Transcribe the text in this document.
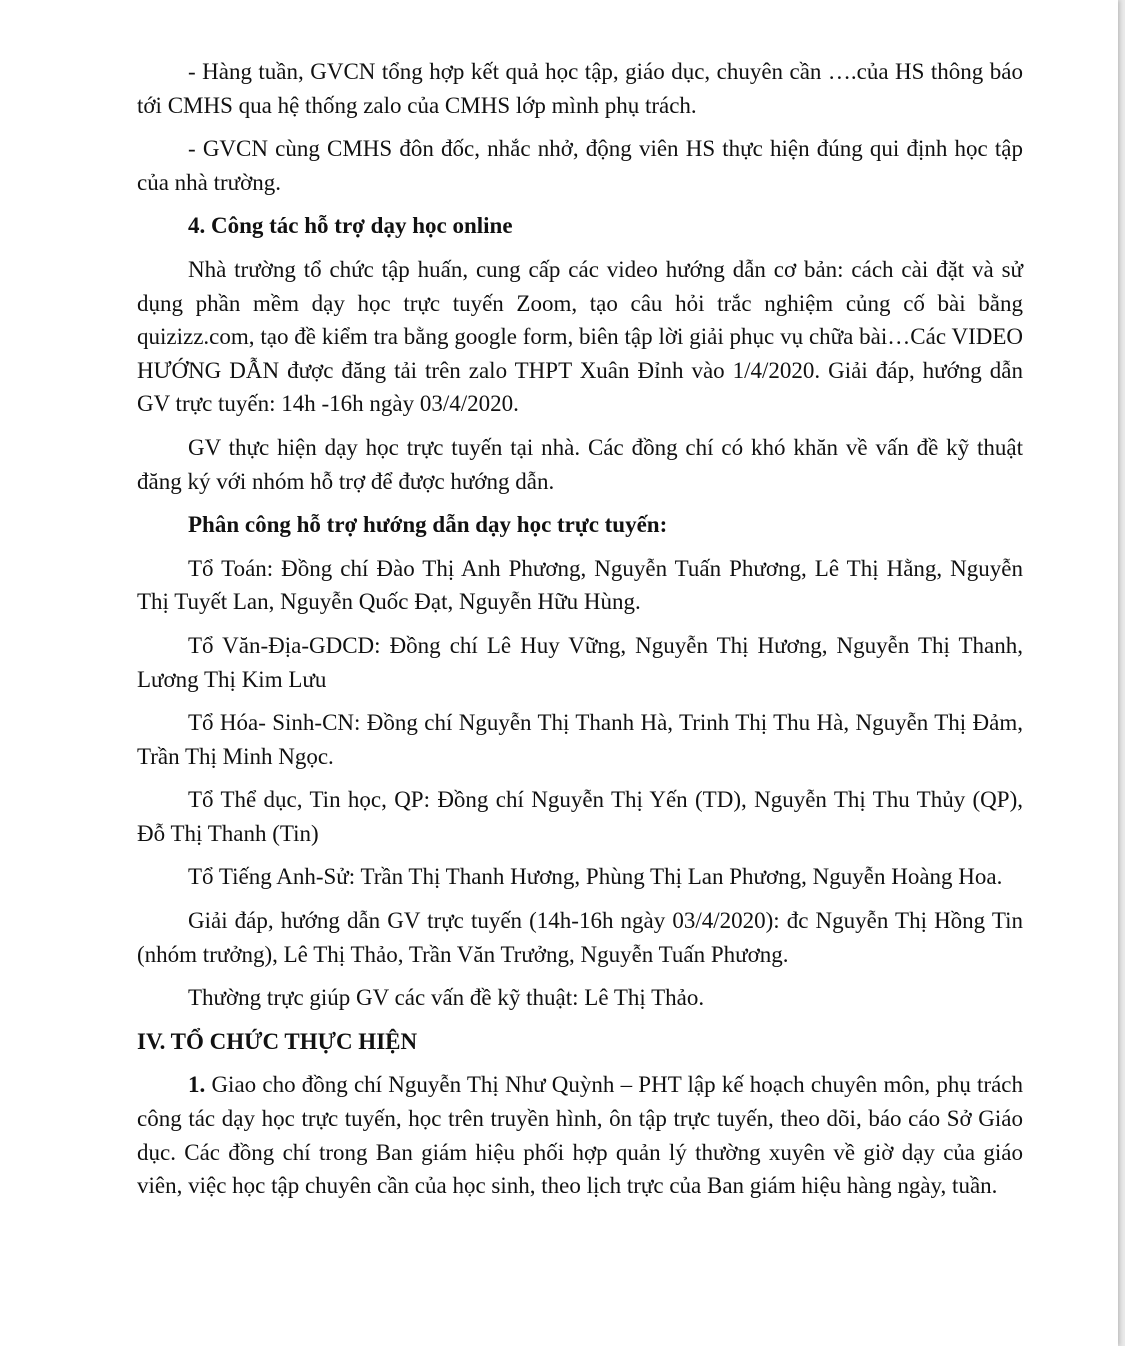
- Hàng tuần, GVCN tổng hợp kết quả học tập, giáo dục, chuyên cần ….của HS thông báo tới CMHS qua hệ thống zalo của CMHS lớp mình phụ trách.

- GVCN cùng CMHS đôn đốc, nhắc nhở, động viên HS thực hiện đúng qui định học tập của nhà trường.

4. Công tác hỗ trợ dạy học online

Nhà trường tổ chức tập huấn, cung cấp các video hướng dẫn cơ bản: cách cài đặt và sử dụng phần mềm dạy học trực tuyến Zoom, tạo câu hỏi trắc nghiệm củng cố bài bằng quizizz.com, tạo đề kiểm tra bằng google form, biên tập lời giải phục vụ chữa bài…Các VIDEO HƯỚNG DẪN được đăng tải trên zalo THPT Xuân Đỉnh vào 1/4/2020. Giải đáp, hướng dẫn GV trực tuyến: 14h -16h ngày 03/4/2020.

GV thực hiện dạy học trực tuyến tại nhà. Các đồng chí có khó khăn về vấn đề kỹ thuật đăng ký với nhóm hỗ trợ để được hướng dẫn.

Phân công hỗ trợ hướng dẫn dạy học trực tuyến:

Tổ Toán: Đồng chí Đào Thị Anh Phương, Nguyễn Tuấn Phương, Lê Thị Hằng, Nguyễn Thị Tuyết Lan, Nguyễn Quốc Đạt, Nguyễn Hữu Hùng.

Tổ Văn-Địa-GDCD: Đồng chí Lê Huy Vững, Nguyễn Thị Hương, Nguyễn Thị Thanh, Lương Thị Kim Lưu

Tổ Hóa- Sinh-CN: Đồng chí Nguyễn Thị Thanh Hà, Trinh Thị Thu Hà, Nguyễn Thị Đảm, Trần Thị Minh Ngọc.

Tổ Thể dục, Tin học, QP: Đồng chí Nguyễn Thị Yến (TD), Nguyễn Thị Thu Thủy (QP), Đỗ Thị Thanh (Tin)

Tổ Tiếng Anh-Sử: Trần Thị Thanh Hương, Phùng Thị Lan Phương, Nguyễn Hoàng Hoa.

Giải đáp, hướng dẫn GV trực tuyến (14h-16h ngày 03/4/2020): đc Nguyễn Thị Hồng Tin (nhóm trưởng), Lê Thị Thảo, Trần Văn Trưởng, Nguyễn Tuấn Phương.

Thường trực giúp GV các vấn đề kỹ thuật: Lê Thị Thảo.

IV. TỔ CHỨC THỰC HIỆN

1. Giao cho đồng chí Nguyễn Thị Như Quỳnh – PHT lập kế hoạch chuyên môn, phụ trách công tác dạy học trực tuyến, học trên truyền hình, ôn tập trực tuyến, theo dõi, báo cáo Sở Giáo dục. Các đồng chí trong Ban giám hiệu phối hợp quản lý thường xuyên về giờ dạy của giáo viên, việc học tập chuyên cần của học sinh, theo lịch trực của Ban giám hiệu hàng ngày, tuần.
